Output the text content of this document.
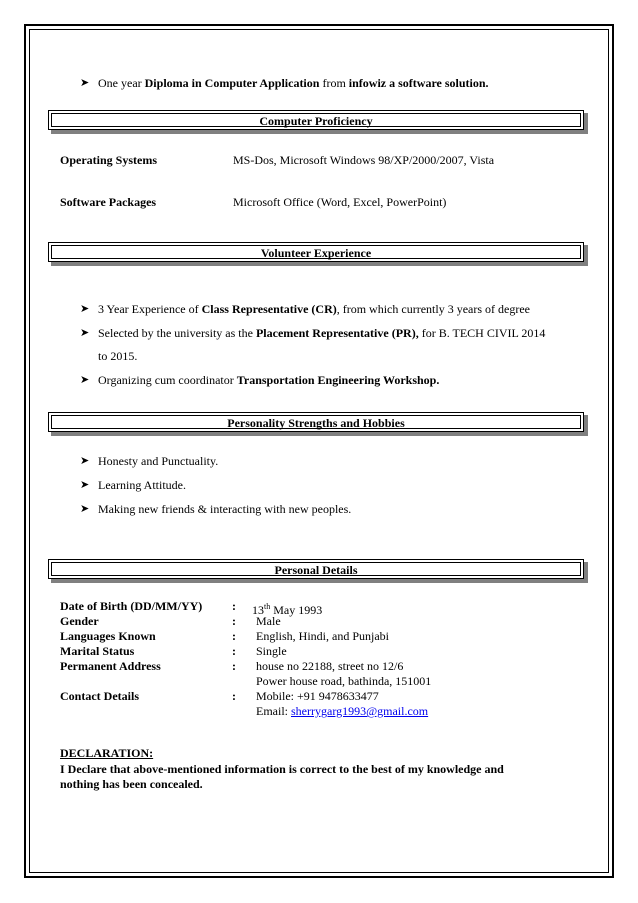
➤ One year Diploma in Computer Application from infowiz a software solution.
Computer Proficiency
Operating Systems	MS-Dos, Microsoft Windows 98/XP/2000/2007, Vista
Software Packages	Microsoft Office (Word, Excel, PowerPoint)
Volunteer Experience
➤ 3 Year Experience of Class Representative (CR), from which currently 3 years of degree
➤ Selected by the university as the Placement Representative (PR), for B. TECH CIVIL 2014
to 2015.
➤ Organizing cum coordinator Transportation Engineering Workshop.
Personality Strengths and Hobbies
➤ Honesty and Punctuality.
➤ Learning Attitude.
➤ Making new friends & interacting with new peoples.
Personal Details
Date of Birth (DD/MM/YY) : 13th May 1993
Gender	: Male
Languages Known	: English, Hindi, and Punjabi
Marital Status	: Single
Permanent Address	: house no 22188, street no 12/6
Power house road, bathinda, 151001
Contact Details	: Mobile: +91 9478633477
Email: sherrygarg1993@gmail.com
DECLARATION:
I Declare that above-mentioned information is correct to the best of my knowledge and
nothing has been concealed.
